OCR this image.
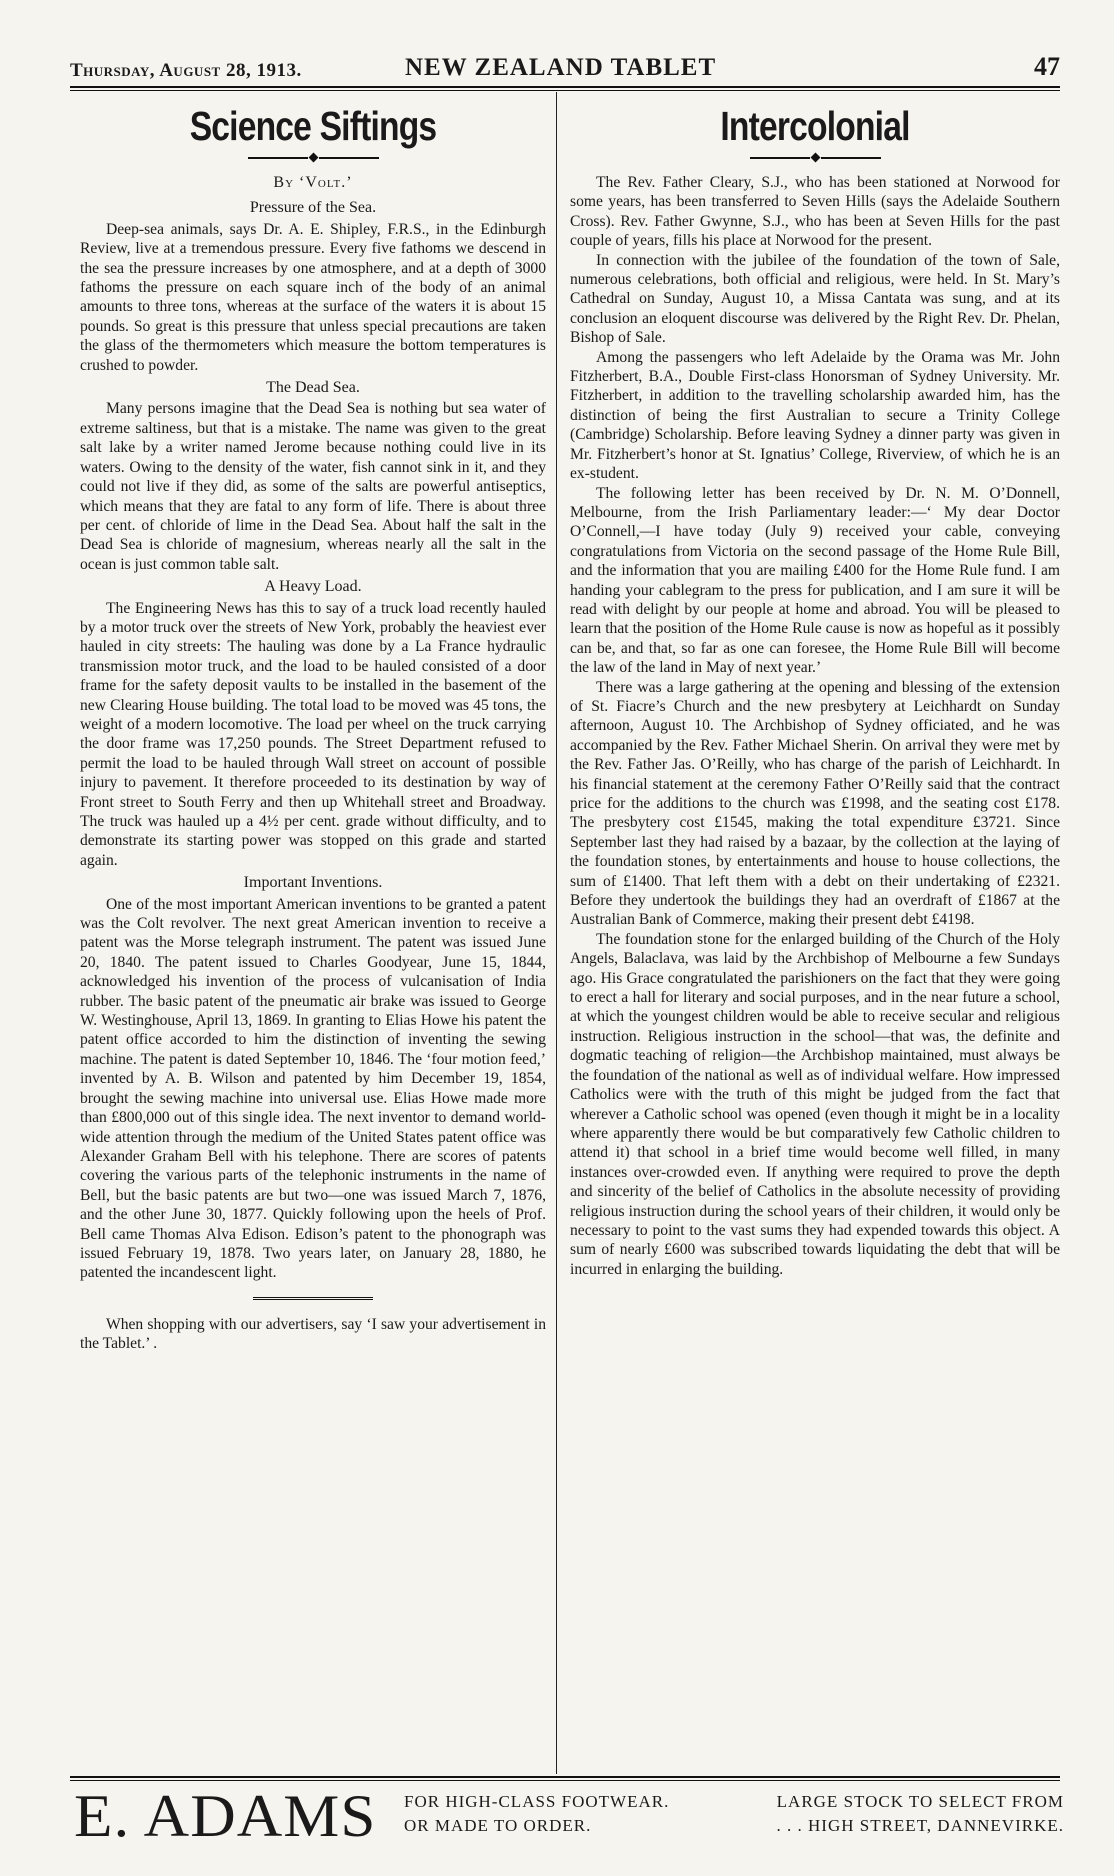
Thursday, August 28, 1913.	NEW ZEALAND TABLET	47
Science Siftings
By ‘Volt.’
Pressure of the Sea.

Deep-sea animals, says Dr. A. E. Shipley, F.R.S., in the Edinburgh Review, live at a tremendous pressure. Every five fathoms we descend in the sea the pressure increases by one atmosphere, and at a depth of 3000 fathoms the pressure on each square inch of the body of an animal amounts to three tons, whereas at the surface of the waters it is about 15 pounds. So great is this pressure that unless special precautions are taken the glass of the thermometers which measure the bottom temperatures is crushed to powder.

The Dead Sea.

Many persons imagine that the Dead Sea is nothing but sea water of extreme saltiness, but that is a mistake. The name was given to the great salt lake by a writer named Jerome because nothing could live in its waters. Owing to the density of the water, fish cannot sink in it, and they could not live if they did, as some of the salts are powerful antiseptics, which means that they are fatal to any form of life. There is about three per cent. of chloride of lime in the Dead Sea. About half the salt in the Dead Sea is chloride of magnesium, whereas nearly all the salt in the ocean is just common table salt.

A Heavy Load.

The Engineering News has this to say of a truck load recently hauled by a motor truck over the streets of New York, probably the heaviest ever hauled in city streets: The hauling was done by a La France hydraulic transmission motor truck, and the load to be hauled consisted of a door frame for the safety deposit vaults to be installed in the basement of the new Clearing House building. The total load to be moved was 45 tons, the weight of a modern locomotive. The load per wheel on the truck carrying the door frame was 17,250 pounds. The Street Department refused to permit the load to be hauled through Wall street on account of possible injury to pavement. It therefore proceeded to its destination by way of Front street to South Ferry and then up Whitehall street and Broadway. The truck was hauled up a 4½ per cent. grade without difficulty, and to demonstrate its starting power was stopped on this grade and started again.

Important Inventions.

One of the most important American inventions to be granted a patent was the Colt revolver. The next great American invention to receive a patent was the Morse telegraph instrument. The patent was issued June 20, 1840. The patent issued to Charles Goodyear, June 15, 1844, acknowledged his invention of the process of vulcanisation of India rubber. The basic patent of the pneumatic air brake was issued to George W. Westinghouse, April 13, 1869. In granting to Elias Howe his patent the patent office accorded to him the distinction of inventing the sewing machine. The patent is dated September 10, 1846. The ‘four motion feed,’ invented by A. B. Wilson and patented by him December 19, 1854, brought the sewing machine into universal use. Elias Howe made more than £800,000 out of this single idea. The next inventor to demand world-wide attention through the medium of the United States patent office was Alexander Graham Bell with his telephone. There are scores of patents covering the various parts of the telephonic instruments in the name of Bell, but the basic patents are but two—one was issued March 7, 1876, and the other June 30, 1877. Quickly following upon the heels of Prof. Bell came Thomas Alva Edison. Edison’s patent to the phonograph was issued February 19, 1878. Two years later, on January 28, 1880, he patented the incandescent light.

When shopping with our advertisers, say ‘I saw your advertisement in the Tablet.’ .

Intercolonial

The Rev. Father Cleary, S.J., who has been stationed at Norwood for some years, has been transferred to Seven Hills (says the Adelaide Southern Cross). Rev. Father Gwynne, S.J., who has been at Seven Hills for the past couple of years, fills his place at Norwood for the present.

In connection with the jubilee of the foundation of the town of Sale, numerous celebrations, both official and religious, were held. In St. Mary’s Cathedral on Sunday, August 10, a Missa Cantata was sung, and at its conclusion an eloquent discourse was delivered by the Right Rev. Dr. Phelan, Bishop of Sale.

Among the passengers who left Adelaide by the Orama was Mr. John Fitzherbert, B.A., Double First-class Honorsman of Sydney University. Mr. Fitzherbert, in addition to the travelling scholarship awarded him, has the distinction of being the first Australian to secure a Trinity College (Cambridge) Scholarship. Before leaving Sydney a dinner party was given in Mr. Fitzherbert’s honor at St. Ignatius’ College, Riverview, of which he is an ex-student.

The following letter has been received by Dr. N. M. O’Donnell, Melbourne, from the Irish Parliamentary leader:—‘ My dear Doctor O’Connell,—I have today (July 9) received your cable, conveying congratulations from Victoria on the second passage of the Home Rule Bill, and the information that you are mailing £400 for the Home Rule fund. I am handing your cablegram to the press for publication, and I am sure it will be read with delight by our people at home and abroad. You will be pleased to learn that the position of the Home Rule cause is now as hopeful as it possibly can be, and that, so far as one can foresee, the Home Rule Bill will become the law of the land in May of next year.’

There was a large gathering at the opening and blessing of the extension of St. Fiacre’s Church and the new presbytery at Leichhardt on Sunday afternoon, August 10. The Archbishop of Sydney officiated, and he was accompanied by the Rev. Father Michael Sherin. On arrival they were met by the Rev. Father Jas. O’Reilly, who has charge of the parish of Leichhardt. In his financial statement at the ceremony Father O’Reilly said that the contract price for the additions to the church was £1998, and the seating cost £178. The presbytery cost £1545, making the total expenditure £3721. Since September last they had raised by a bazaar, by the collection at the laying of the foundation stones, by entertainments and house to house collections, the sum of £1400. That left them with a debt on their undertaking of £2321. Before they undertook the buildings they had an overdraft of £1867 at the Australian Bank of Commerce, making their present debt £4198.

The foundation stone for the enlarged building of the Church of the Holy Angels, Balaclava, was laid by the Archbishop of Melbourne a few Sundays ago. His Grace congratulated the parishioners on the fact that they were going to erect a hall for literary and social purposes, and in the near future a school, at which the youngest children would be able to receive secular and religious instruction. Religious instruction in the school—that was, the definite and dogmatic teaching of religion—the Archbishop maintained, must always be the foundation of the national as well as of individual welfare. How impressed Catholics were with the truth of this might be judged from the fact that wherever a Catholic school was opened (even though it might be in a locality where apparently there would be but comparatively few Catholic children to attend it) that school in a brief time would become well filled, in many instances over-crowded even. If anything were required to prove the depth and sincerity of the belief of Catholics in the absolute necessity of providing religious instruction during the school years of their children, it would only be necessary to point to the vast sums they had expended towards this object. A sum of nearly £600 was subscribed towards liquidating the debt that will be incurred in enlarging the building.

E. ADAMS FOR HIGH-CLASS FOOTWEAR.	LARGE STOCK TO SELECT FROM
OR MADE TO ORDER.	. . . HIGH STREET, DANNEVIRKE.
